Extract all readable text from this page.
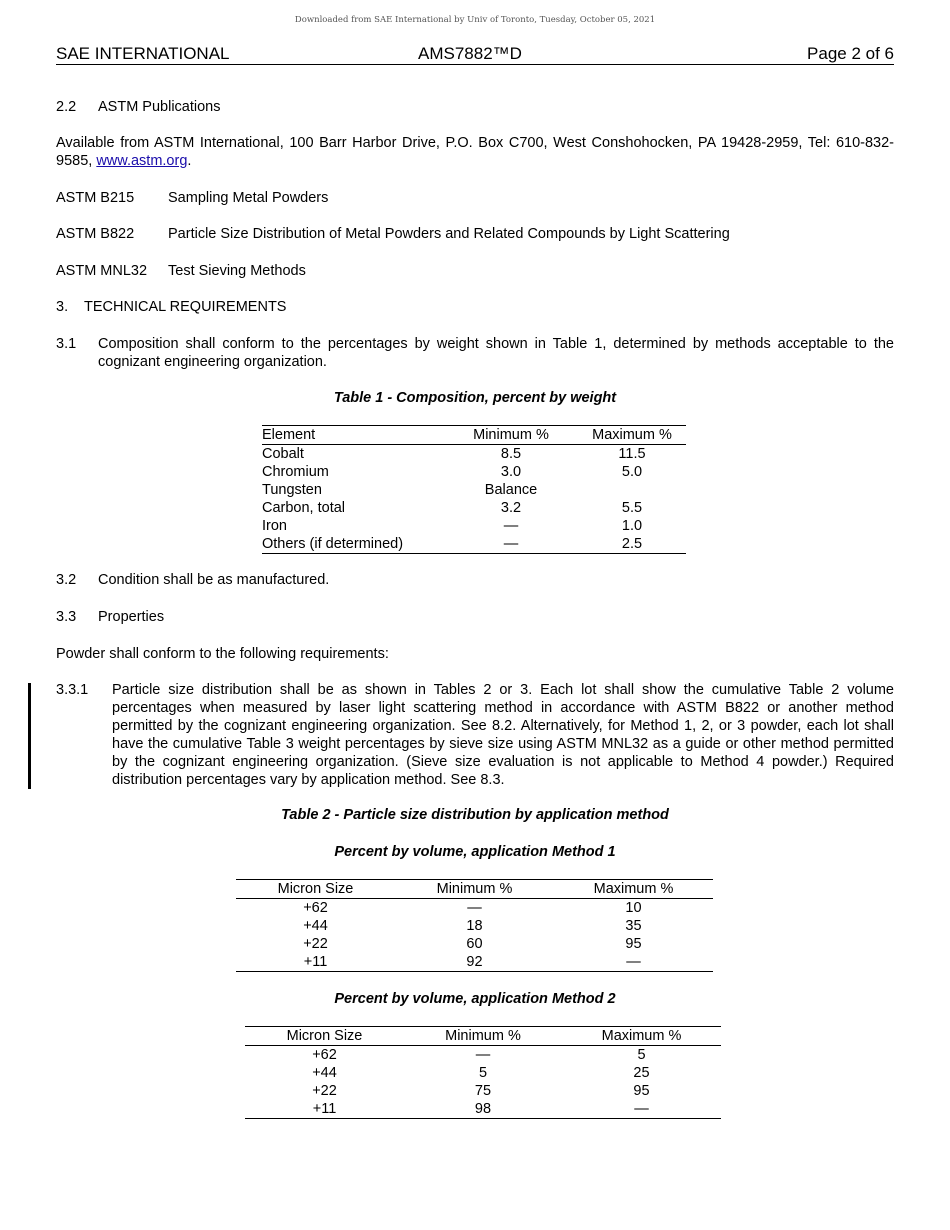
Downloaded from SAE International by Univ of Toronto, Tuesday, October 05, 2021
SAE INTERNATIONAL	AMS7882™D	Page 2 of 6
2.2 ASTM Publications
Available from ASTM International, 100 Barr Harbor Drive, P.O. Box C700, West Conshohocken, PA 19428-2959, Tel: 610-832-9585, www.astm.org.
ASTM B215 Sampling Metal Powders
ASTM B822 Particle Size Distribution of Metal Powders and Related Compounds by Light Scattering
ASTM MNL32 Test Sieving Methods
3. TECHNICAL REQUIREMENTS
3.1 Composition shall conform to the percentages by weight shown in Table 1, determined by methods acceptable to the cognizant engineering organization.
Table 1 - Composition, percent by weight
Element	Minimum %	Maximum %
Cobalt	8.5	11.5
Chromium	3.0	5.0
Tungsten	Balance	
Carbon, total	3.2	5.5
Iron	—	1.0
Others (if determined)	—	2.5
3.2 Condition shall be as manufactured.
3.3 Properties
Powder shall conform to the following requirements:
3.3.1 Particle size distribution shall be as shown in Tables 2 or 3. Each lot shall show the cumulative Table 2 volume percentages when measured by laser light scattering method in accordance with ASTM B822 or another method permitted by the cognizant engineering organization. See 8.2. Alternatively, for Method 1, 2, or 3 powder, each lot shall have the cumulative Table 3 weight percentages by sieve size using ASTM MNL32 as a guide or other method permitted by the cognizant engineering organization. (Sieve size evaluation is not applicable to Method 4 powder.) Required distribution percentages vary by application method. See 8.3.
Table 2 - Particle size distribution by application method
Percent by volume, application Method 1
Micron Size	Minimum %	Maximum %
+62	—	10
+44	18	35
+22	60	95
+11	92	—
Percent by volume, application Method 2
Micron Size	Minimum %	Maximum %
+62	—	5
+44	5	25
+22	75	95
+11	98	—
